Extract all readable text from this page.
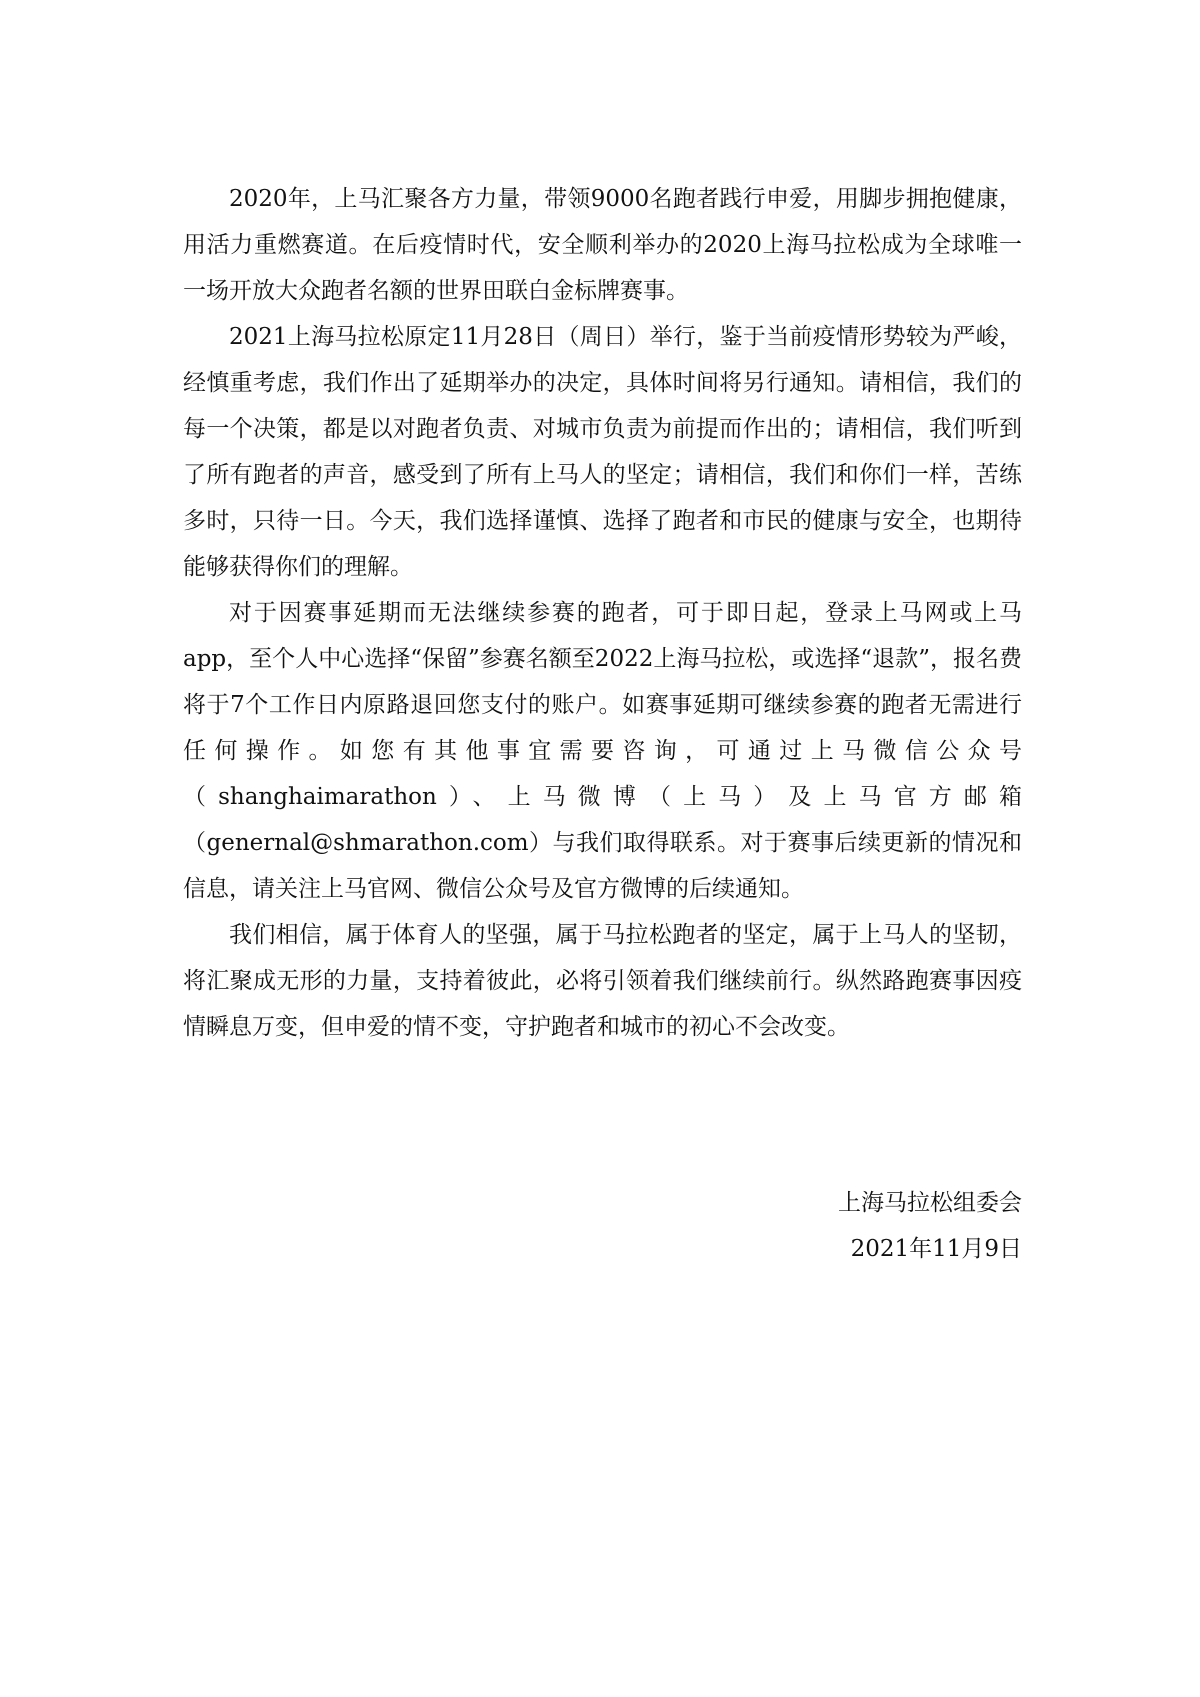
2020年，上马汇聚各方力量，带领9000名跑者践行申爱，用脚步拥抱健康，用活力重燃赛道。在后疫情时代，安全顺利举办的2020上海马拉松成为全球唯一一场开放大众跑者名额的世界田联白金标牌赛事。

2021上海马拉松原定11月28日（周日）举行，鉴于当前疫情形势较为严峻，经慎重考虑，我们作出了延期举办的决定，具体时间将另行通知。请相信，我们的每一个决策，都是以对跑者负责、对城市负责为前提而作出的；请相信，我们听到了所有跑者的声音，感受到了所有上马人的坚定；请相信，我们和你们一样，苦练多时，只待一日。今天，我们选择谨慎、选择了跑者和市民的健康与安全，也期待能够获得你们的理解。

对于因赛事延期而无法继续参赛的跑者，可于即日起，登录上马网或上马app，至个人中心选择“保留”参赛名额至2022上海马拉松，或选择“退款”，报名费将于7个工作日内原路退回您支付的账户。如赛事延期可继续参赛的跑者无需进行任何操作。如您有其他事宜需要咨询，可通过上马微信公众号（shanghaimarathon）、上马微博（上马）及上马官方邮箱（genernal@shmarathon.com）与我们取得联系。对于赛事后续更新的情况和信息，请关注上马官网、微信公众号及官方微博的后续通知。

我们相信，属于体育人的坚强，属于马拉松跑者的坚定，属于上马人的坚韧，将汇聚成无形的力量，支持着彼此，必将引领着我们继续前行。纵然路跑赛事因疫情瞬息万变，但申爱的情不变，守护跑者和城市的初心不会改变。

上海马拉松组委会
2021年11月9日
